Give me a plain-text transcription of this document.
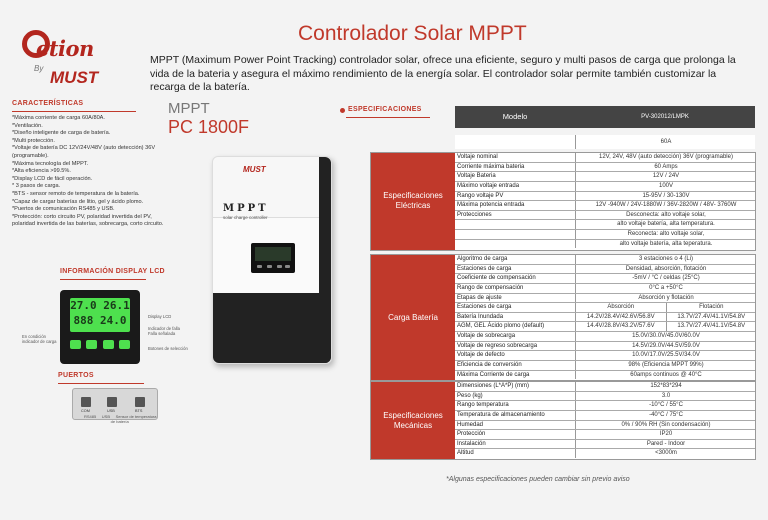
etion
By MUST
Controlador Solar MPPT
MPPT (Maximum Power Point Tracking) controlador solar, ofrece una eficiente, seguro y multi pasos de carga que prolonga la vida de la bateria y asegura el máximo rendimiento de la energía solar. El controlador solar permite también customizar la recarga de la batería.
CARACTERÍSTICAS
*Máxima corriente de carga 60A/80A.
*Ventilación.
*Diseño inteligente de carga de batería.
*Multi protección.
*Voltaje de batería DC 12V/24V/48V (auto detección) 36V (programable).
*Máxima tecnología del MPPT.
*Alta eficiencia >99.5%.
*Display LCD de fácil operación.
* 3 pasos de carga.
*BTS - sensor remoto de temperatura de la batería.
*Capaz de cargar baterías de litio, gel y ácido plomo.
*Puertos de comunicación RS485 y USB.
*Protección: corto circuito PV, polaridad invertida del PV, polaridad invertida de las baterías, sobrecarga, corto circuito.
MPPT
PC 1800F
MUST
MPPT
solar charge controller
INFORMACIÓN DISPLAY LCD
27.0 26.1
888 24.0	Display LCD
Indicador de falla
Falla señalada
Botones de selección
En condición
indicador de carga
PUERTOS
COM	USB	BTS
RS485     USB     Sensor de temperatura
de batería
ESPECIFICACIONES
Modelo	PV-302012/LMPK
60A
Especificaciones
Eléctricas
Voltaje nominal	12V, 24V, 48V (auto detección) 36V (programable)
Corriente máxima bateria	60 Amps
Voltaje Bateria	12V / 24V
Máximo voltaje entrada	100V
Rango voltaje PV	15-95V / 30-130V
Máxima potencia entrada	12V -940W / 24V-1880W / 36V-2820W / 48V- 3760W
Protecciones	Desconecta: alto voltaje solar,
alto voltaje batería, alta temperatura.
Reconecta: alto voltaje solar,
alto voltaje batería, alta teperatura.
Carga Batería
Algoritmo de carga	3 estaciones o 4 (Li)
Estaciones de carga	Densidad, absorción, flotación
Coeficiente de compensación	-5mV / °C / celdas (25°C)
Rango de compensación	0°C a +50°C
Etapas de ajuste	Absorción y flotación
Estaciones de carga	Absorción	Flotación
Batería Inundada	14.2V/28.4V/42.6V/56.8V	13.7V/27.4V/41.1V/54.8V
AGM, GEL Ácido plomo (default)	14.4V/28.8V/43.2V/57.6V	13.7V/27.4V/41.1V/54.8V
Voltaje de sobrecarga	15.0V/30.0V/45.0V/60.0V
Voltaje de regreso sobrecarga	14.5V/29.0V/44.5V/59.0V
Voltaje de defecto	10.0V/17.0V/25.5V/34.0V
Eficiencia de conversión	98% (Eficiencia MPPT 99%)
Máxima Corriente de carga	60amps continuos @ 40°C
Especificaciones
Mecánicas
Dimensiones (L*A*P) (mm)	152*83*294
Peso (kg)	3.0
Rango temperatura	-10°C / 55°C
Temperatura de almacenamiento	-40°C / 75°C
Humedad	0% / 90% RH (Sin condensación)
Protección	IP20
Instalación	Pared - Indoor
Altitud	<3000m
*Algunas especificaciones pueden cambiar sin previo aviso
